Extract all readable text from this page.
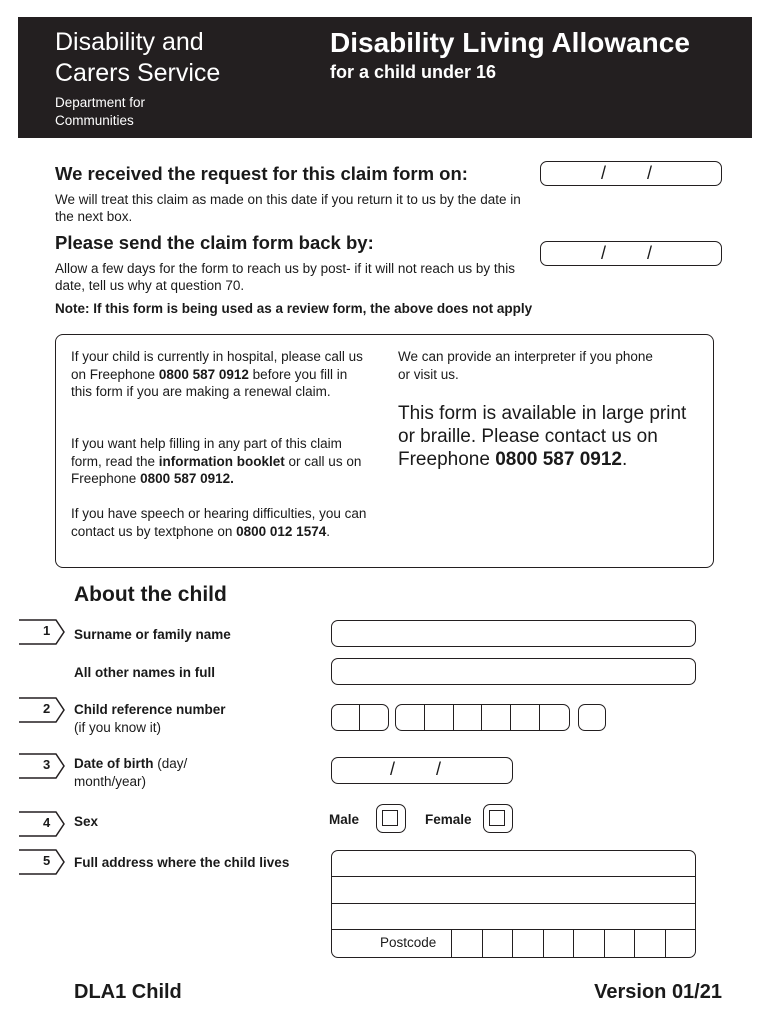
Disability and
Carers Service
Department for
Communities
Disability Living Allowance
for a child under 16
We received the request for this claim form on:
We will treat this claim as made on this date if you return it to us by the date in the next box.
/ /
Please send the claim form back by:
Allow a few days for the form to reach us by post- if it will not reach us by this date, tell us why at question 70.
/ /
Note: If this form is being used as a review form, the above does not apply
If your child is currently in hospital, please call us on Freephone 0800 587 0912 before you fill in this form if you are making a renewal claim.
If you want help filling in any part of this claim form, read the information booklet or call us on Freephone 0800 587 0912.
If you have speech or hearing difficulties, you can contact us by textphone on 0800 012 1574.
We can provide an interpreter if you phone or visit us.
This form is available in large print or braille. Please contact us on Freephone 0800 587 0912.
About the child
1 Surname or family name
All other names in full
2 Child reference number
(if you know it)
3 Date of birth (day/ month/year)
/ /
4 Sex	Male	Female
5 Full address where the child lives
Postcode
DLA1 Child	Version 01/21
